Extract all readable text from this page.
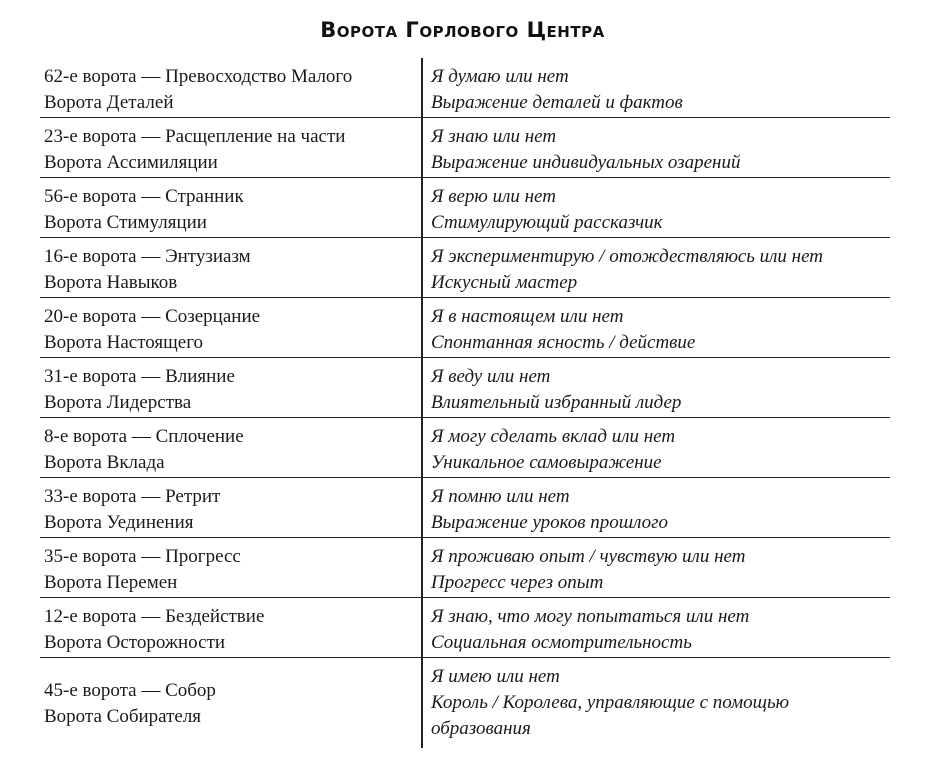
Ворота Горлового Центра
62-е ворота — Превосходство Малого
Ворота Деталей
Я думаю или нет
Выражение деталей и фактов
23-е ворота — Расщепление на части
Ворота Ассимиляции
Я знаю или нет
Выражение индивидуальных озарений
56-е ворота — Странник
Ворота Стимуляции
Я верю или нет
Стимулирующий рассказчик
16-е ворота — Энтузиазм
Ворота Навыков
Я экспериментирую / отождествляюсь или нет
Искусный мастер
20-е ворота — Созерцание
Ворота Настоящего
Я в настоящем или нет
Спонтанная ясность / действие
31-е ворота — Влияние
Ворота Лидерства
Я веду или нет
Влиятельный избранный лидер
8-е ворота — Сплочение
Ворота Вклада
Я могу сделать вклад или нет
Уникальное самовыражение
33-е ворота — Ретрит
Ворота Уединения
Я помню или нет
Выражение уроков прошлого
35-е ворота — Прогресс
Ворота Перемен
Я проживаю опыт / чувствую или нет
Прогресс через опыт
12-е ворота — Бездействие
Ворота Осторожности
Я знаю, что могу попытаться или нет
Социальная осмотрительность
45-е ворота — Собор
Ворота Собирателя
Я имею или нет
Король / Королева, управляющие с помощью образования
